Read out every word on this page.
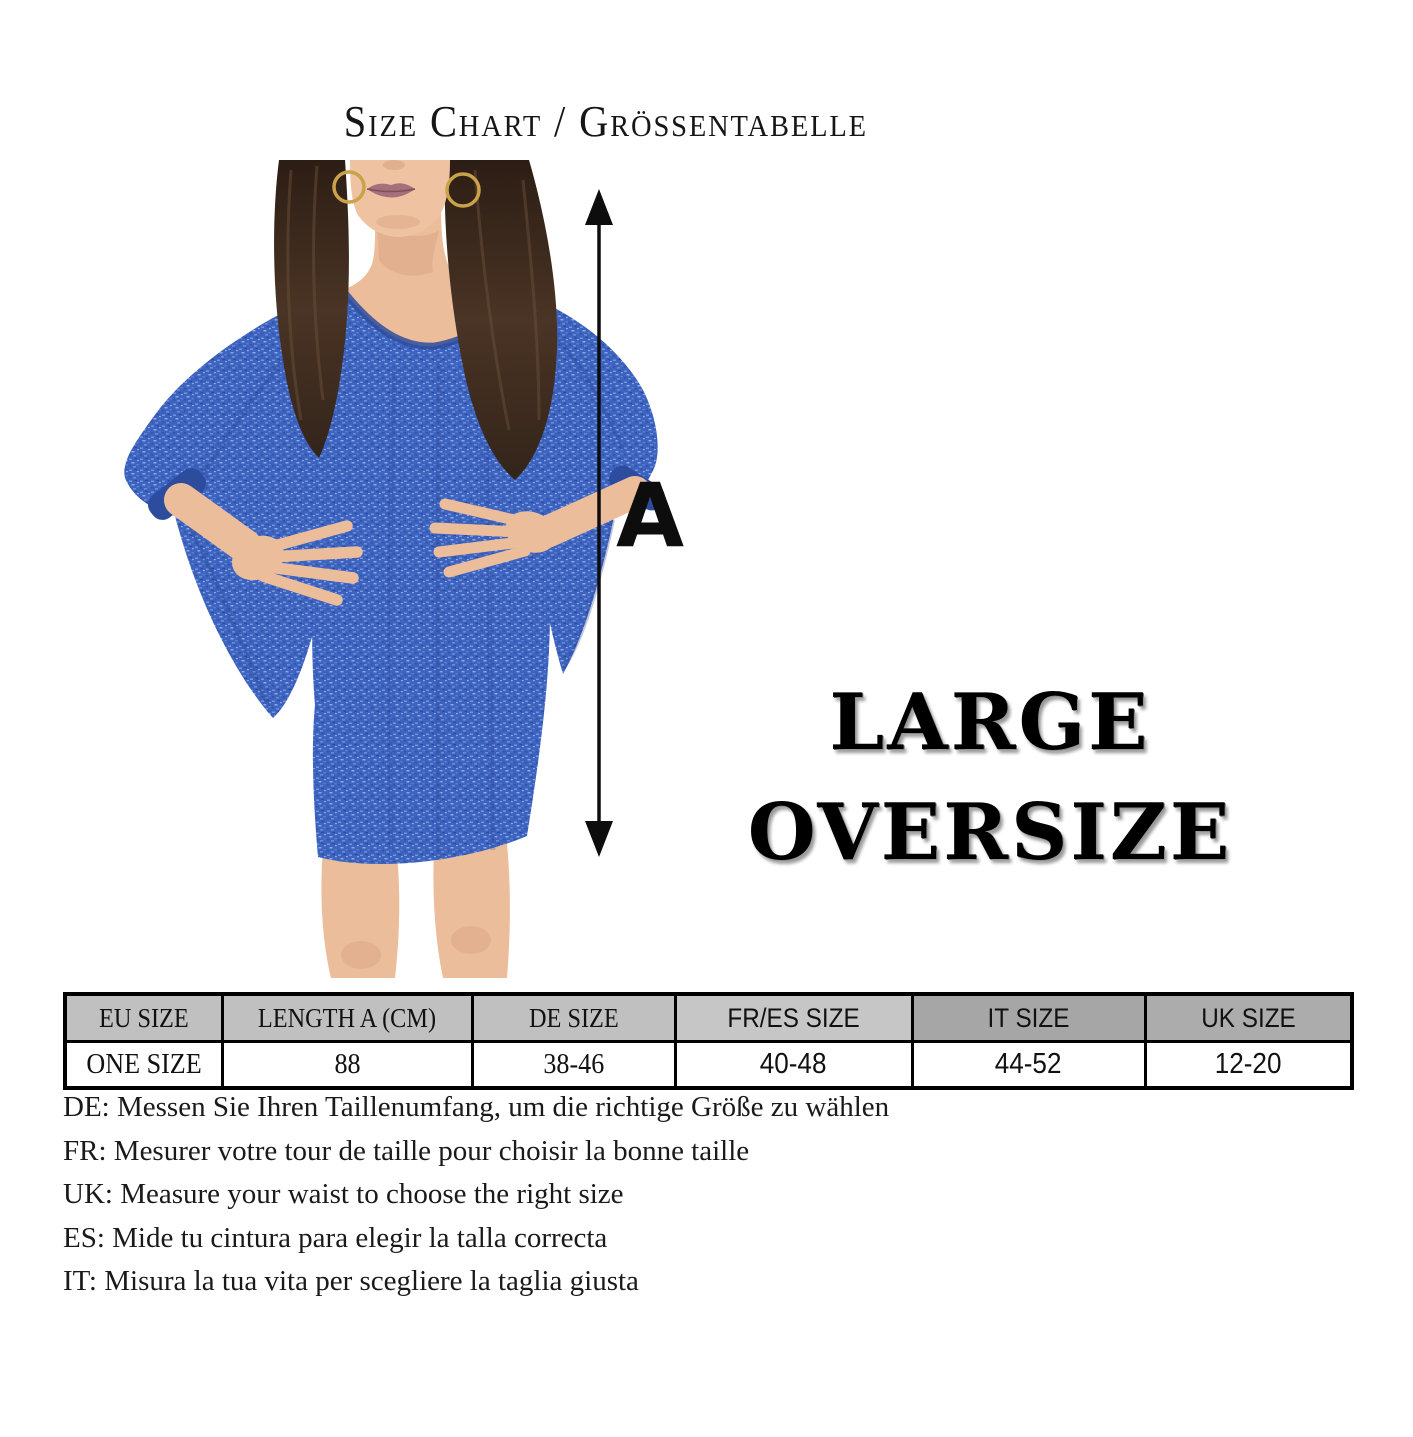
Size Chart / Grössentabelle
A
LARGE
OVERSIZE
EU SIZE	LENGTH A (CM)	DE SIZE	FR/ES SIZE	IT SIZE	UK SIZE
ONE SIZE	88	38-46	40-48	44-52	12-20
DE: Messen Sie Ihren Taillenumfang, um die richtige Größe zu wählen
FR: Mesurer votre tour de taille pour choisir la bonne taille
UK: Measure your waist to choose the right size
ES: Mide tu cintura para elegir la talla correcta
IT: Misura la tua vita per scegliere la taglia giusta
